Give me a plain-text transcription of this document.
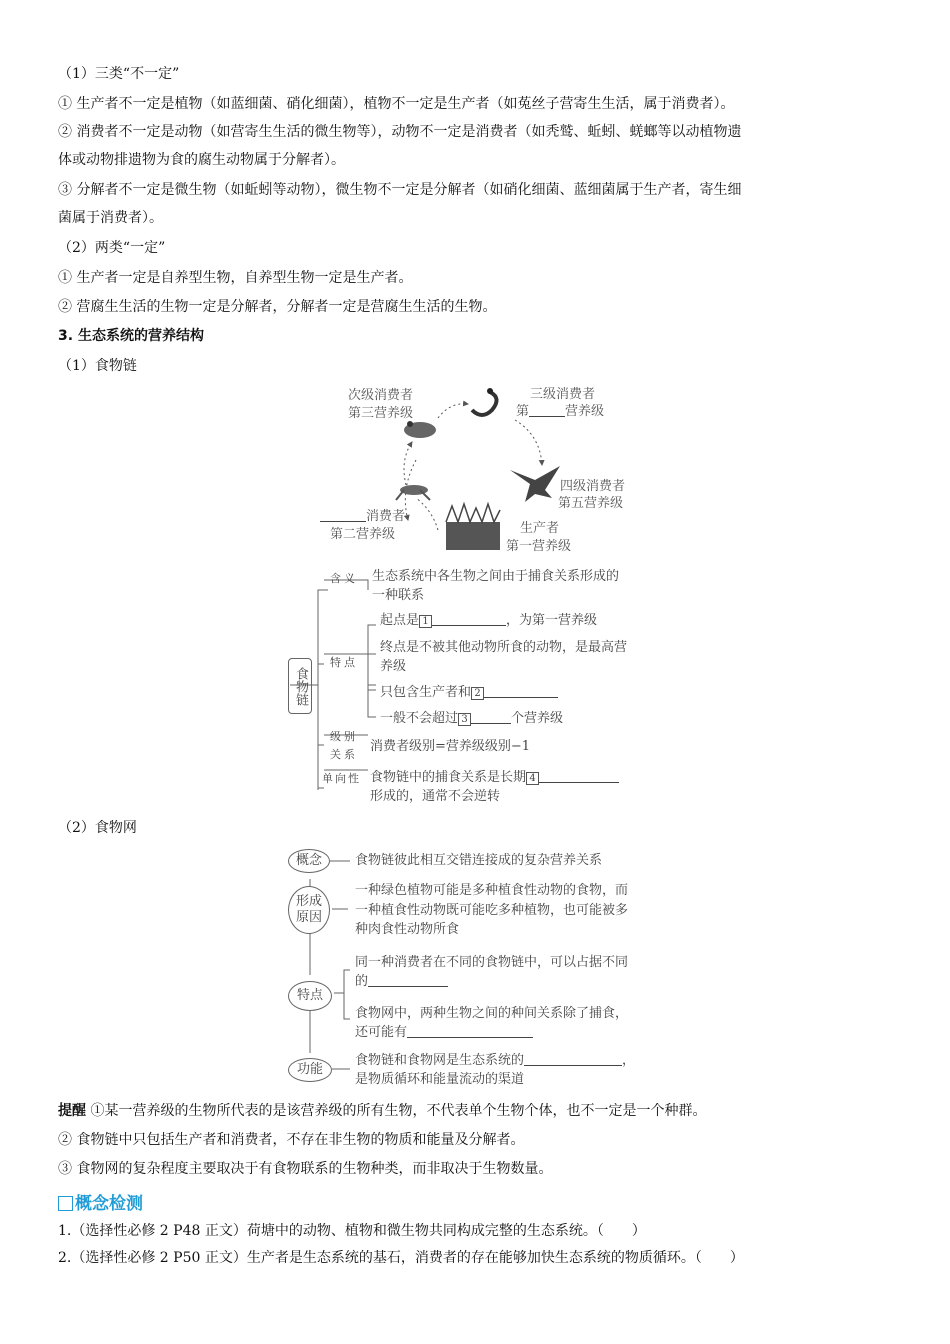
（1）三类“不一定”
① 生产者不一定是植物（如蓝细菌、硝化细菌），植物不一定是生产者（如菟丝子营寄生生活，属于消费者）。
② 消费者不一定是动物（如营寄生生活的微生物等），动物不一定是消费者（如秃鹫、蚯蚓、蜣螂等以动植物遗
体或动物排遗物为食的腐生动物属于分解者）。
③ 分解者不一定是微生物（如蚯蚓等动物），微生物不一定是分解者（如硝化细菌、蓝细菌属于生产者，寄生细
菌属于消费者）。
（2）两类“一定”
① 生产者一定是自养型生物，自养型生物一定是生产者。
② 营腐生生活的生物一定是分解者，分解者一定是营腐生生活的生物。
3. 生态系统的营养结构
（1）食物链
次级消费者
第三营养级
三级消费者
第	营养级
四级消费者
第五营养级
消费者
第二营养级	生产者
第一营养级
食物链
含义 生态系统中各生物之间由于捕食关系形成的
一种联系
特点
起点是 1	，为第一营养级
终点是不被其他动物所食的动物，是最高营
养级
只包含生产者和 2
一般不会超过 3	个营养级
级别
关系
消费者级别=营养级级别−1
单向性 食物链中的捕食关系是长期 4
形成的，通常不会逆转
（2）食物网
概念	食物链彼此相互交错连接成的复杂营养关系
形成
原因
一种绿色植物可能是多种植食性动物的食物，而
一种植食性动物既可能吃多种植物，也可能被多
种肉食性动物所食
特点
同一种消费者在不同的食物链中，可以占据不同
的
食物网中，两种生物之间的种间关系除了捕食，
还可能有
功能
食物链和食物网是生态系统的	，
是物质循环和能量流动的渠道
提醒 ①某一营养级的生物所代表的是该营养级的所有生物，不代表单个生物个体，也不一定是一个种群。
② 食物链中只包括生产者和消费者，不存在非生物的物质和能量及分解者。
③ 食物网的复杂程度主要取决于有食物联系的生物种类，而非取决于生物数量。
概念检测
1.（选择性必修 2 P48 正文）荷塘中的动物、植物和微生物共同构成完整的生态系统。（　　）
2.（选择性必修 2 P50 正文）生产者是生态系统的基石，消费者的存在能够加快生态系统的物质循环。（　　）
